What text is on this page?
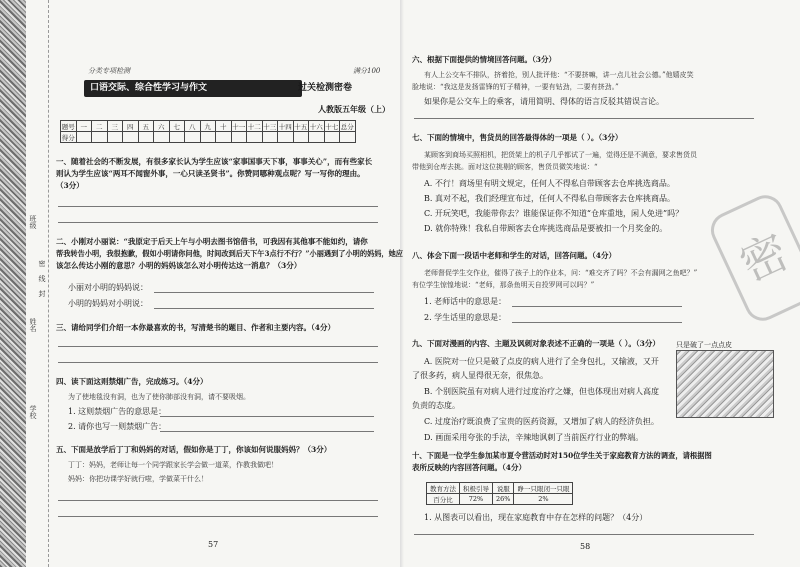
班级
姓名
学校
密
封
线
分类专项检测
口语交际、综合性学习与作文	过关检测密卷
满分100
人教版五年级（上）
题号	一	二	三	四	五	六	七	八	九	十	十一	十二	十三	十四	十五	十六	十七	总分
得分																		
一、随着社会的不断发展，有很多家长认为学生应该“家事国事天下事，事事关心”，而有些家长
则认为学生应该“两耳不闻窗外事，一心只读圣贤书”。你赞同哪种观点呢？写一写你的理由。
（3分）
二、小刚对小丽说：“我原定于后天上午与小明去图书馆借书，可我因有其他事不能如约，请你
帮我转告小明，我很抱歉，假如小明请你问他，时间改到后天下午3点行不行？”小丽遇到了小明的妈妈，她应
该怎么传达小刚的意思？小明的妈妈该怎么对小明传达这一消息？（3分）
小丽对小明的妈妈说：
小明的妈妈对小明说：
三、请给同学们介绍一本你最喜欢的书，写清楚书的题目、作者和主要内容。（4分）
四、读下面这则禁烟广告，完成练习。（4分）
为了使地毯没有洞，也为了使你肺部没有洞，请不要吸烟。
1. 这则禁烟广告的意思是：
2. 请你也写一则禁烟广告：
五、下面是放学后丁丁和妈妈的对话，假如你是丁丁，你该如何说服妈妈？（3分）
丁丁：妈妈，老师让每一个同学跟家长学会做一道菜，作教我做吧！
妈妈：你把功课学好就行啦，学做菜干什么！
57
六、根据下面提供的情境回答问题。（3分）
有人上公交车不排队，挤着抢，别人批评他：“不要挤嘛，讲一点儿社会公德。”他嬉皮笑
脸地说：“我这是发扬雷锋的钉子精神，一要有钻劲，二要有挤劲。”
如果你是公交车上的乘客，请用简明、得体的语言反驳其错误言论。
七、下面的情境中，售货员的回答最得体的一项是（ ）。（3分）
某顾客到商场买照相机，把货架上的机子几乎都试了一遍，觉得还是不满意，要求售货员
带他到仓库去挑。面对这位挑剔的顾客，售货员微笑地说：“
A. 不行！商场里有明文规定，任何人不得私自带顾客去仓库挑选商品。
B. 真对不起，我们经理宣布过，任何人不得私自带顾客去仓库挑商品。
C. 开玩笑吧，我能带你去？谁能保证你不知道“仓库重地，闲人免进”吗？
D. 就你特殊！我私自带顾客去仓库挑选商品是要被扣一个月奖金的。
八、体会下面一段话中老师和学生的对话，回答问题。（4分）
老师督促学生交作业，催得了孩子上的作业本，问：“难交齐了吗？不会有漏网之鱼吧？”
有位学生惊惶地说：“老师，那条鱼明天自投罗网可以吗？”
1. 老师话中的意思是：
2. 学生话里的意思是：
九、下面对漫画的内容、主题及讽刺对象表述不正确的一项是（ ）。（3分） 只是破了一点点皮
A. 医院对一位只是破了点皮的病人进行了全身包扎，又输液，又开
了很多药，病人显得很无奈，很焦急。
B. 个别医院虽有对病人进行过度治疗之嫌，但也体现出对病人高度
负责的态度。
C. 过度治疗既浪费了宝贵的医药资源，又增加了病人的经济负担。
D. 画面采用夸张的手法，辛辣地讽刺了当前医疗行业的弊端。
十、下面是一位学生参加某市夏令营活动时对150位学生关于家庭教育方法的调查，请根据图
表所反映的内容回答问题。（4分）
教育方法	积极引导	说服	睁一只眼闭一只眼
百分比	72%	26%	2%
1. 从图表可以看出，现在家庭教育中存在怎样的问题？（4分）
密
58
